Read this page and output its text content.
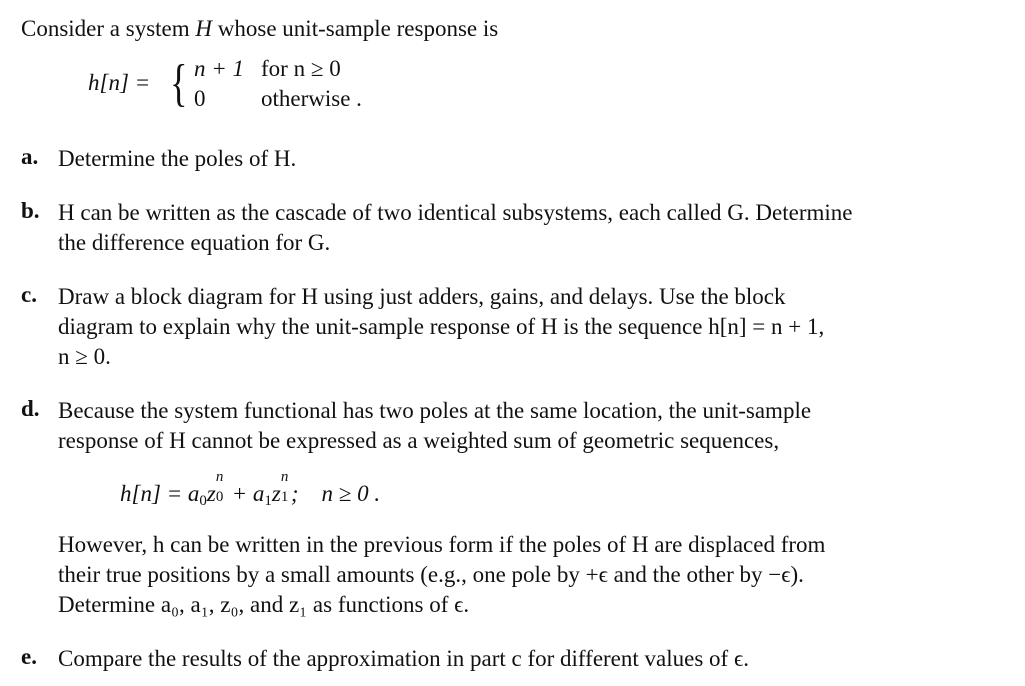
Consider a system H whose unit-sample response is
h[n] = { n + 1 for n ≥ 0
0 otherwise .
a. Determine the poles of H.
b. H can be written as the cascade of two identical subsystems, each called G. Determine
the difference equation for G.
c. Draw a block diagram for H using just adders, gains, and delays. Use the block
diagram to explain why the unit-sample response of H is the sequence h[n] = n + 1,
n ≥ 0.
d. Because the system functional has two poles at the same location, the unit-sample
response of H cannot be expressed as a weighted sum of geometric sequences,
$h[n] = a_0z$
n
$0 + a_1z$
n
1 ;    n ≥ 0 .
However, h can be written in the previous form if the poles of H are displaced from
their true positions by a small amounts (e.g., one pole by +ϵ and the other by −ϵ).
Determine a₀, a₁, z₀, and z₁ as functions of ϵ.
e. Compare the results of the approximation in part c for different values of ϵ.
